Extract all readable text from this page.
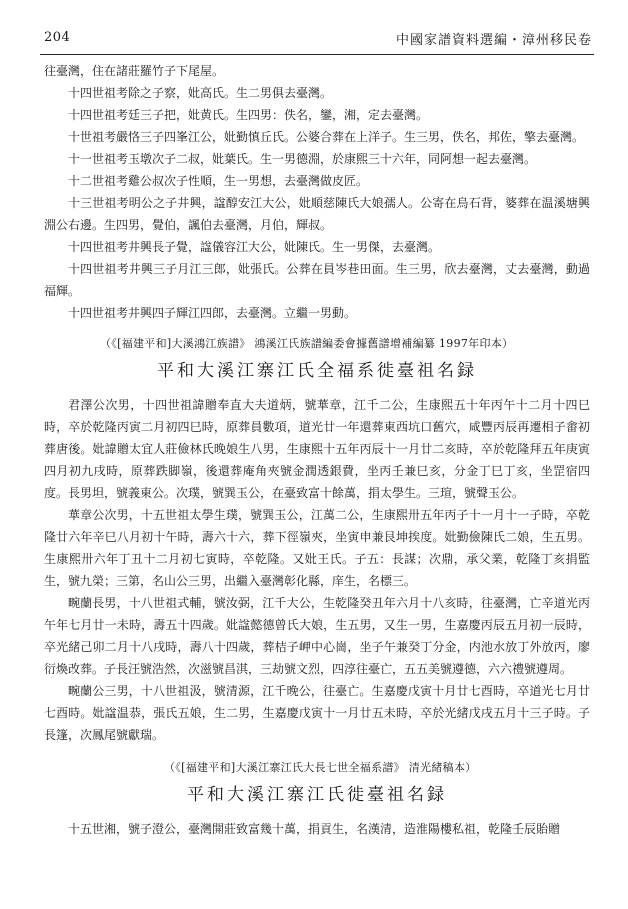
204	中國家譜資料選編・漳州移民卷

往臺灣，住在諸莊羅竹子下尾屋。

十四世祖考除之子察，妣高氏。生二男俱去臺灣。

十四世祖考廷三子把，妣黄氏。生四男：佚名，鑾，湘，定去臺灣。

十世祖考嚴恪三子四峯江公，妣勤慎丘氏。公婆合葬在上洋子。生三男，佚名，邦佐，擎去臺灣。

十一世祖考玉墩次子二叔，妣葉氏。生一男德淵，於康熙三十六年，同阿想一起去臺灣。

十二世祖考雞公叔次子性順，生一男想，去臺灣做皮匠。

十三世祖考明公之子井興，諡醇安江大公，妣順慈陳氏大娘孺人。公寄在烏石背，婆葬在温溪塘興淵公右邊。生四男，覺伯，諷伯去臺灣，月伯，輝叔。

十四世祖考井興長子覺，諡儀容江大公，妣陳氏。生一男傑，去臺灣。

十四世祖考井興三子月江三郎，妣張氏。公葬在員岑巷田面。生三男，欣去臺灣，丈去臺灣，動過福輝。

十四世祖考井興四子輝江四郎，去臺灣。立繼一男動。

（《[福建平和]大溪鴻江族譜》 鴻溪江氏族譜編委會據舊譜增補編纂 1997年印本）

平和大溪江寨江氏全福系徙臺祖名録

君澤公次男，十四世祖諱贈奉直大夫道炳，號華章，江千二公，生康熙五十年丙午十二月十四巳時，卒於乾隆丙寅二月初四巳時，原葬員數項，道光廿一年還葬東西坑口舊穴，咸豐丙辰再遷相子畬初葬唐後。妣諱贈太宜人莊儉林氏晚娘生八男，生康熙十五年丙辰十一月廿二亥時，卒於乾隆拜五年庚寅四月初九戌時，原葬跌脚嶺，後還葬庵角夾號金潤透銀費，坐丙壬兼巳亥，分金丁巳丁亥，坐罡宿四度。長男坦，號義東公。次璞，號巽玉公，在臺致富十餘萬，捐太學生。三瑄，號聲玉公。

華章公次男，十五世祖太學生璞，號巽玉公，江萬二公，生康熙卅五年丙子十一月十一子時，卒乾隆廿六年辛巳八月初十午時，壽六十六，葬下徑嶺夾，坐寅申兼艮坤挨度。妣勤儉陳氏二娘，生五男。生康熙卅六年丁丑十二月初七寅時，卒乾隆。又妣王氏。子五：長謀；次鼎，承父業，乾隆丁亥捐監生，號九榮；三第，名山公三男，出繼入臺灣彰化縣，庠生，名標三。

畹蘭長男，十八世祖式輔，號汝弼，江千大公，生乾隆癸丑年六月十八亥時，往臺灣，亡辛道光丙午年七月廿一未時，壽五十四歲。妣諡懿德曾氏大娘，生五男，又生一男，生嘉慶丙辰五月初一辰時，卒光緒己卯二月十八戌時，壽八十四歲，葬桔子岬中心崗，坐子午兼癸丁分金，内池水放丁外放丙，廖衍煥改葬。子長汪號浩然，次滋號昌淇，三劫號文烈，四淳往臺亡，五五美號遵德，六六禮號遵周。

畹蘭公三男，十八世祖汲，號清源，江千晚公，往臺亡。生嘉慶戊寅十月廿七酉時，卒道光七月廿七酉時。妣諡温恭，張氏五娘，生二男，生嘉慶戊寅十一月廿五未時，卒於光緒戊戌五月十三子時。子長篷，次鳳尾號獻瑞。

（《[福建平和]大溪江寨江氏大長七世全福系譜》 清光緒稿本）

平和大溪江寨江氏徙臺祖名録

十五世湘，號子澄公，臺灣開莊致富幾十萬，捐貢生，名漢清，造淮陽樓私祖，乾隆壬辰貽贈
